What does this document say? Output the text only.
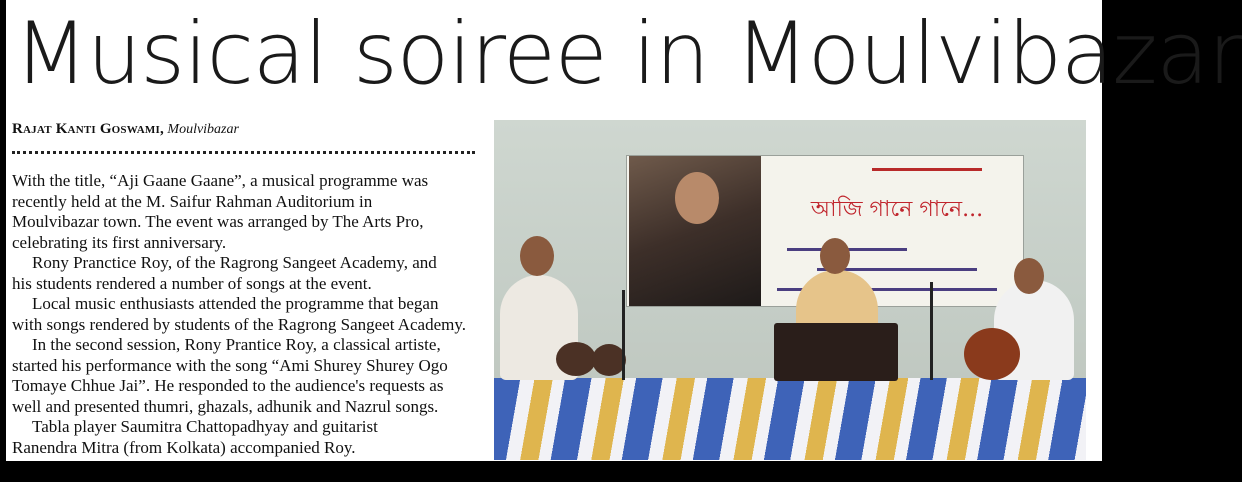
Musical soiree in Moulvibazar
Rajat Kanti Goswami, Moulvibazar

With the title, “Aji Gaane Gaane”, a musical programme was

recently held at the M. Saifur Rahman Auditorium in

Moulvibazar town. The event was arranged by The Arts Pro,

celebrating its first anniversary.

Rony Pranctice Roy, of the Ragrong Sangeet Academy, and

his students rendered a number of songs at the event.

Local music enthusiasts attended the programme that began

with songs rendered by students of the Ragrong Sangeet Academy.

In the second session, Rony Prantice Roy, a classical artiste,

started his performance with the song “Ami Shurey Shurey Ogo

Tomaye Chhue Jai”. He responded to the audience's requests as

well and presented thumri, ghazals, adhunik and Nazrul songs.

Tabla player Saumitra Chattopadhyay and guitarist

Ranendra Mitra (from Kolkata) accompanied Roy.

আজি গানে গানে...
